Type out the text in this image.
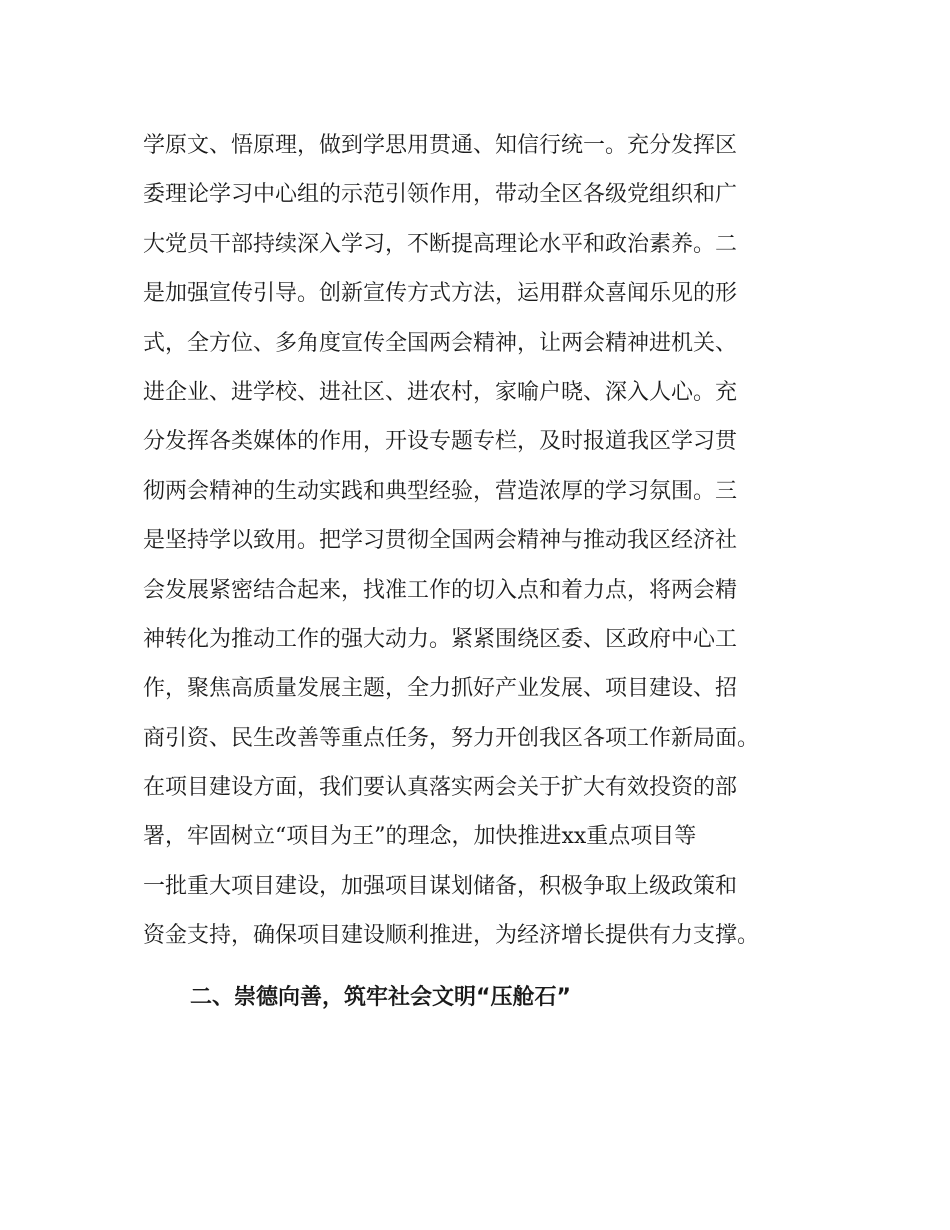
学原文、悟原理，做到学思用贯通、知信行统一。充分发挥区
委理论学习中心组的示范引领作用，带动全区各级党组织和广
大党员干部持续深入学习，不断提高理论水平和政治素养。二
是加强宣传引导。创新宣传方式方法，运用群众喜闻乐见的形
式，全方位、多角度宣传全国两会精神，让两会精神进机关、
进企业、进学校、进社区、进农村，家喻户晓、深入人心。充
分发挥各类媒体的作用，开设专题专栏，及时报道我区学习贯
彻两会精神的生动实践和典型经验，营造浓厚的学习氛围。三
是坚持学以致用。把学习贯彻全国两会精神与推动我区经济社
会发展紧密结合起来，找准工作的切入点和着力点，将两会精
神转化为推动工作的强大动力。紧紧围绕区委、区政府中心工
作，聚焦高质量发展主题，全力抓好产业发展、项目建设、招
商引资、民生改善等重点任务，努力开创我区各项工作新局面。
在项目建设方面，我们要认真落实两会关于扩大有效投资的部
署，牢固树立“项目为王”的理念，加快推进xx重点项目等
一批重大项目建设，加强项目谋划储备，积极争取上级政策和
资金支持，确保项目建设顺利推进，为经济增长提供有力支撑。
二、崇德向善，筑牢社会文明“压舱石”
